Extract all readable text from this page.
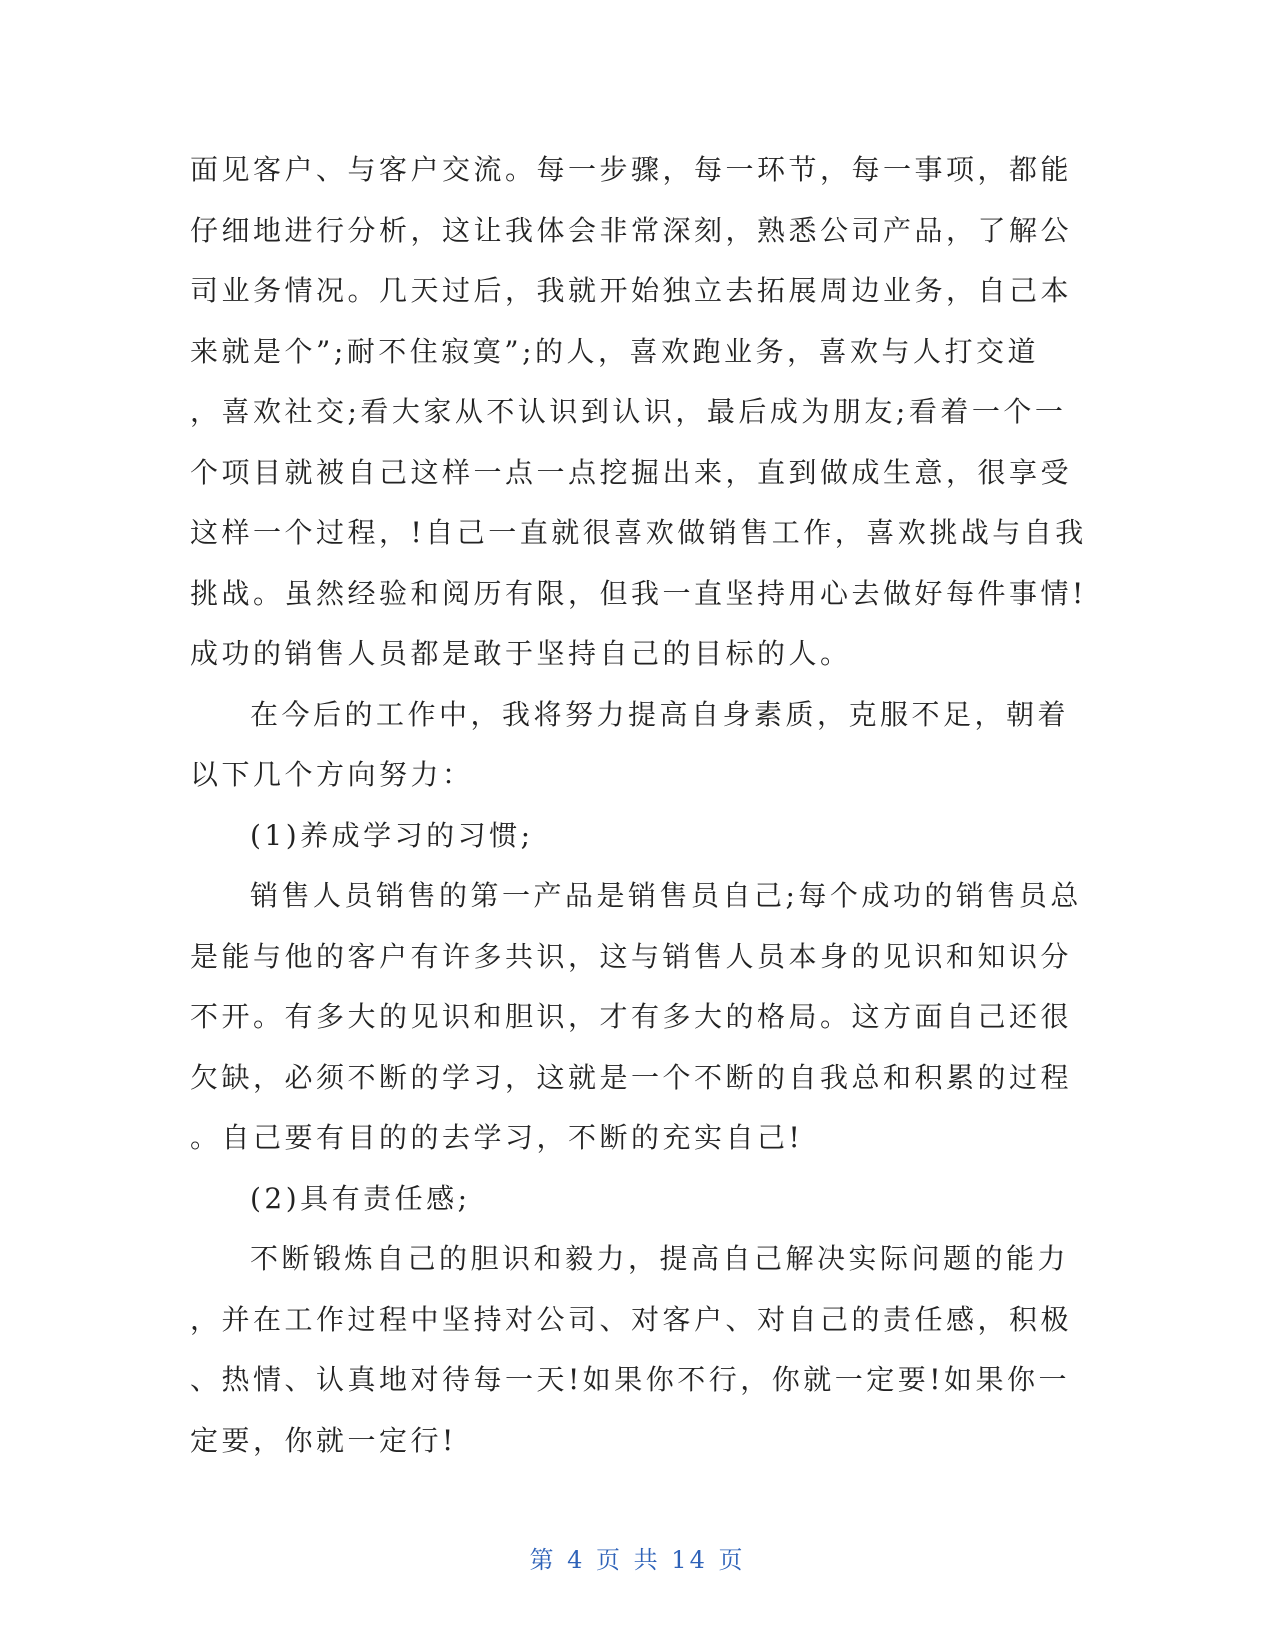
面见客户、与客户交流。每一步骤，每一环节，每一事项，都能
仔细地进行分析，这让我体会非常深刻，熟悉公司产品，了解公
司业务情况。几天过后，我就开始独立去拓展周边业务，自己本
来就是个”;耐不住寂寞”;的人，喜欢跑业务，喜欢与人打交道
，喜欢社交;看大家从不认识到认识，最后成为朋友;看着一个一
个项目就被自己这样一点一点挖掘出来，直到做成生意，很享受
这样一个过程，!自己一直就很喜欢做销售工作，喜欢挑战与自我
挑战。虽然经验和阅历有限，但我一直坚持用心去做好每件事情!
成功的销售人员都是敢于坚持自己的目标的人。
在今后的工作中，我将努力提高自身素质，克服不足，朝着
以下几个方向努力：
(1)养成学习的习惯;
销售人员销售的第一产品是销售员自己;每个成功的销售员总
是能与他的客户有许多共识，这与销售人员本身的见识和知识分
不开。有多大的见识和胆识，才有多大的格局。这方面自己还很
欠缺，必须不断的学习，这就是一个不断的自我总和积累的过程
。自己要有目的的去学习，不断的充实自己!
(2)具有责任感;
不断锻炼自己的胆识和毅力，提高自己解决实际问题的能力
，并在工作过程中坚持对公司、对客户、对自己的责任感，积极
、热情、认真地对待每一天!如果你不行，你就一定要!如果你一
定要，你就一定行!
第 4 页 共 14 页
